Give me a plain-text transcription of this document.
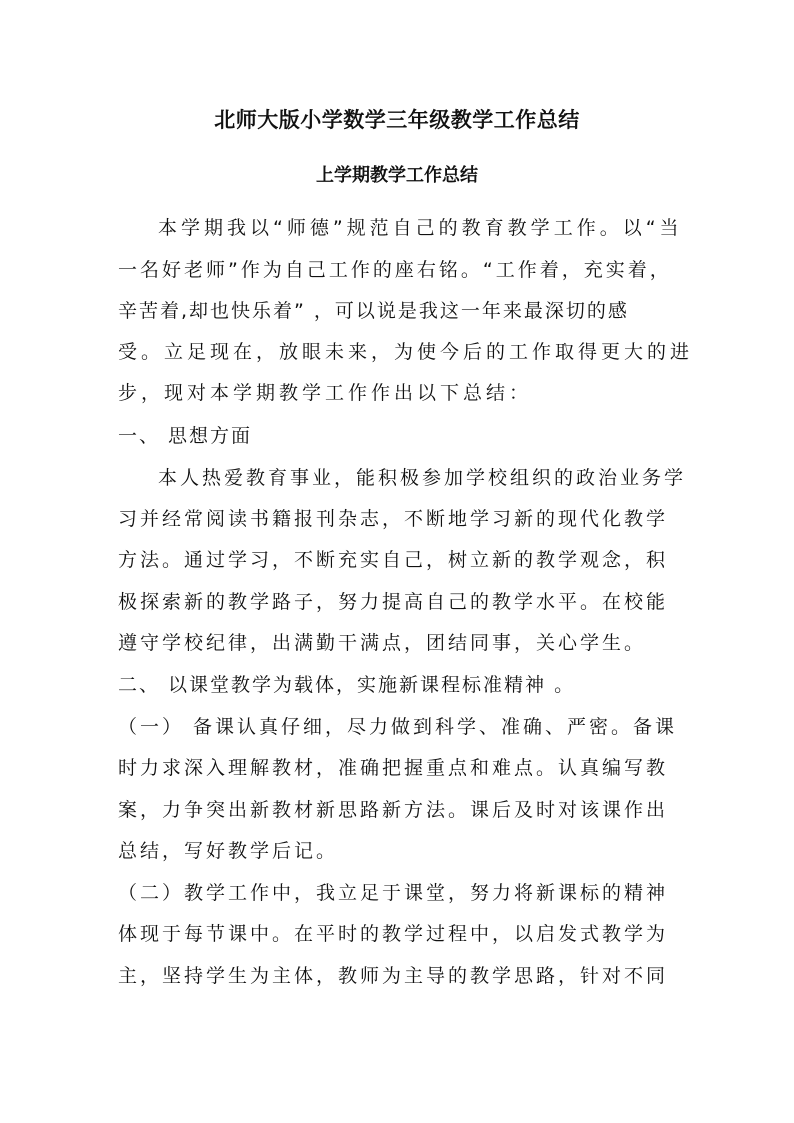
北师大版小学数学三年级教学工作总结
上学期教学工作总结
本学期我以“师德”规范自己的教育教学工作。以“当
一名好老师”作为自己工作的座右铭。“工作着，充实着，
辛苦着,却也快乐着” ，可以说是我这一年来最深切的感
受。立足现在，放眼未来，为使今后的工作取得更大的进
步，现对本学期教学工作作出以下总结：
一、 思想方面
本人热爱教育事业，能积极参加学校组织的政治业务学
习并经常阅读书籍报刊杂志，不断地学习新的现代化教学
方法。通过学习，不断充实自己，树立新的教学观念，积
极探索新的教学路子，努力提高自己的教学水平。在校能
遵守学校纪律，出满勤干满点，团结同事，关心学生。
二、 以课堂教学为载体，实施新课程标准精神 。
（一） 备课认真仔细，尽力做到科学、准确、严密。备课
时力求深入理解教材，准确把握重点和难点。认真编写教
案，力争突出新教材新思路新方法。课后及时对该课作出
总结，写好教学后记。
（二）教学工作中，我立足于课堂，努力将新课标的精神
体现于每节课中。在平时的教学过程中，以启发式教学为
主，坚持学生为主体，教师为主导的教学思路，针对不同
